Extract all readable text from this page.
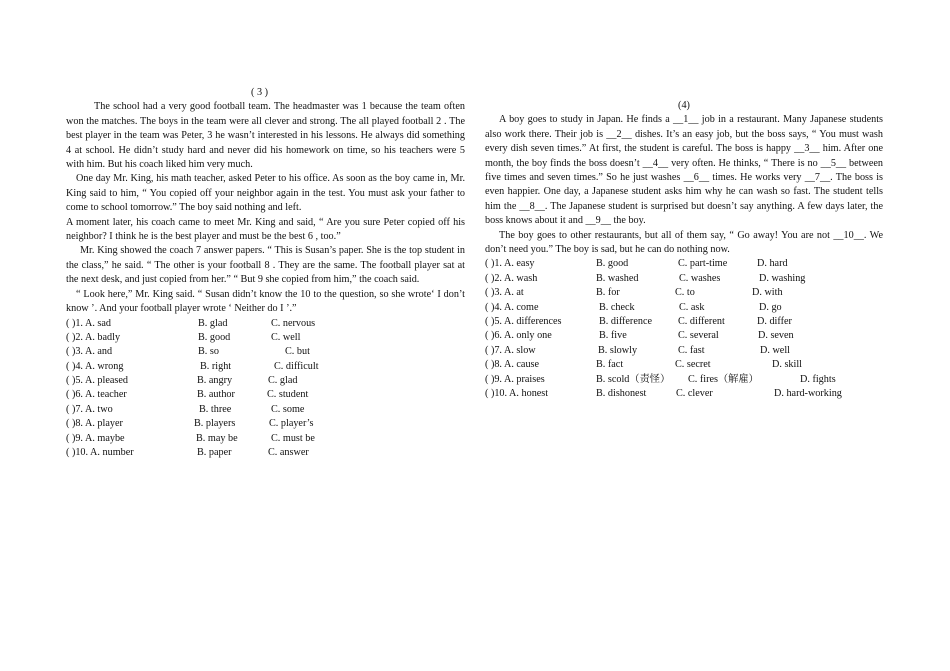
( 3 )

The school had a very good football team. The headmaster was 1 because the team often won the matches. The boys in the team were all clever and strong. The all played football 2 . The best player in the team was Peter, 3 he wasn’t interested in his lessons. He always did something 4 at school. He didn’t study hard and never did his homework on time, so his teachers were 5 with him. But his coach liked him very much.

One day Mr. King, his math teacher, asked Peter to his office. As soon as the boy came in, Mr. King said to him, “ You copied off your neighbor again in the test. You must ask your father to come to school tomorrow.” The boy said nothing and left.

A moment later, his coach came to meet Mr. King and said, “ Are you sure Peter copied off his neighbor? I think he is the best player and must be the best 6 , too.”

Mr. King showed the coach 7 answer papers. “ This is Susan’s paper. She is the top student in the class,” he said. “ The other is your football 8 . They are the same. The football player sat at the next desk, and just copied from her.” “ But 9 she copied from him,” the coach said.

“ Look here,” Mr. King said. “ Susan didn’t know the 10 to the question, so she wrote‘ I don’t know ’. And your football player wrote ‘ Neither do I ’.”

( )1. A. sad	B. glad	C. nervous
( )2. A. badly	B. good	C. well
( )3. A. and	B. so	C. but
( )4. A. wrong	B. right	C. difficult
( )5. A. pleased	B. angry	C. glad
( )6. A. teacher	B. author	C. student
( )7. A. two	B. three	C. some
( )8. A. player	B. players	C. player’s
( )9. A. maybe	B. may be	C. must be
( )10. A. number	B. paper	C. answer
(4)

A boy goes to study in Japan. He finds a __1__ job in a restaurant. Many Japanese students also work there. Their job is __2__ dishes. It’s an easy job, but the boss says, “ You must wash every dish seven times.” At first, the student is careful. The boss is happy __3__ him. After one month, the boy finds the boss doesn’t __4__ very often. He thinks, “ There is no __5__ between five times and seven times.” So he just washes __6__ times. He works very __7__. The boss is even happier. One day, a Japanese student asks him why he can wash so fast. The student tells him the __8__. The Japanese student is surprised but doesn’t say anything. A few days later, the boss knows about it and __9__ the boy.

The boy goes to other restaurants, but all of them say, “ Go away! You are not __10__. We don’t need you.” The boy is sad, but he can do nothing now.

( )1. A. easy	B. good	C. part-time	D. hard
( )2. A. wash	B. washed	C. washes	D. washing
( )3. A. at	B. for	C. to	D. with
( )4. A. come	B. check	C. ask	D. go
( )5. A. differences	B. difference	C. different	D. differ
( )6. A. only one	B. five	C. several	D. seven
( )7. A. slow	B. slowly	C. fast	D. well
( )8. A. cause	B. fact	C. secret	D. skill
( )9. A. praises	B. scold（责怪） C. fires（解雇）	D. fights
( )10. A. honest	B. dishonest	C. clever	D. hard-working
